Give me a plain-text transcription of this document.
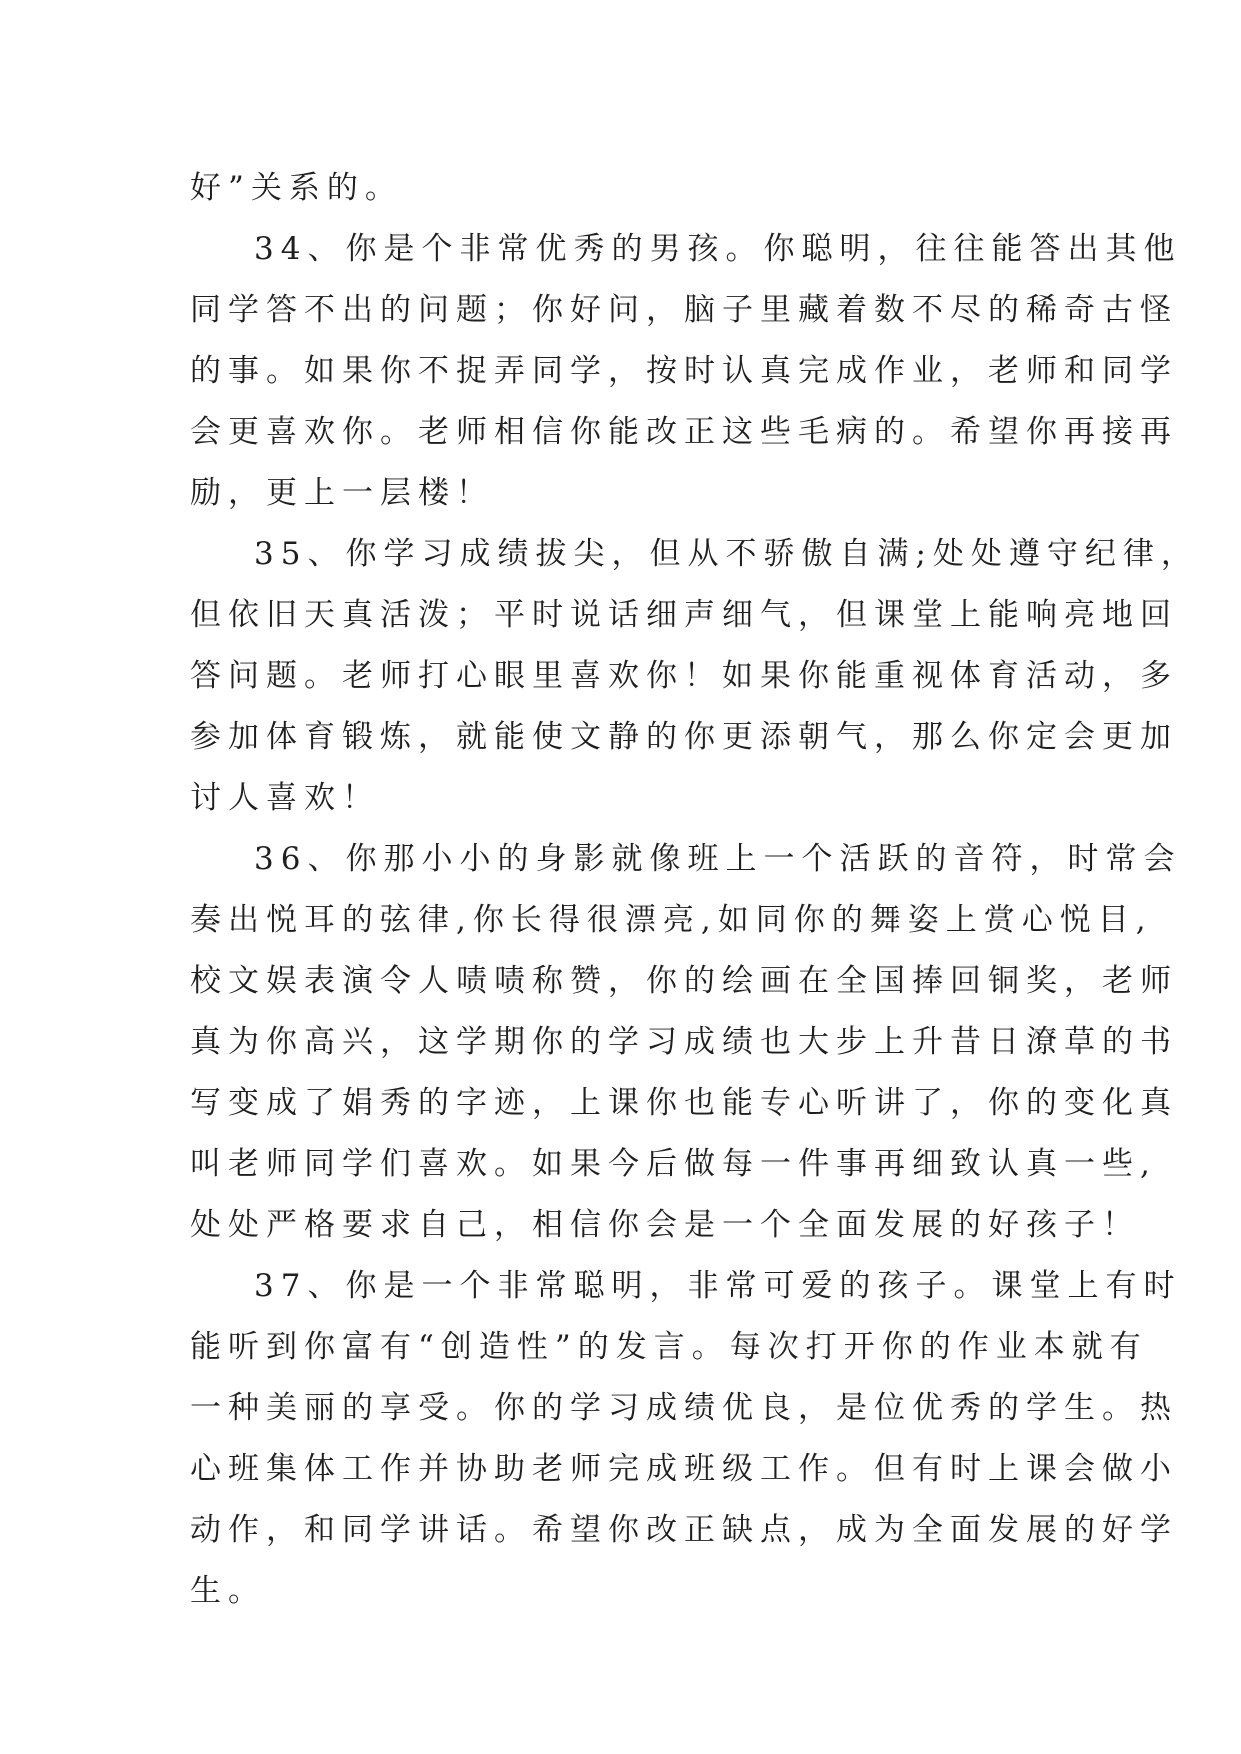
好”关系的。
34、你是个非常优秀的男孩。你聪明，往往能答出其他
同学答不出的问题；你好问，脑子里藏着数不尽的稀奇古怪
的事。如果你不捉弄同学，按时认真完成作业，老师和同学
会更喜欢你。老师相信你能改正这些毛病的。希望你再接再
励，更上一层楼！
35、你学习成绩拔尖，但从不骄傲自满;处处遵守纪律，
但依旧天真活泼；平时说话细声细气，但课堂上能响亮地回
答问题。老师打心眼里喜欢你！如果你能重视体育活动，多
参加体育锻炼，就能使文静的你更添朝气，那么你定会更加
讨人喜欢！
36、你那小小的身影就像班上一个活跃的音符，时常会
奏出悦耳的弦律,你长得很漂亮,如同你的舞姿上赏心悦目,
校文娱表演令人啧啧称赞，你的绘画在全国捧回铜奖，老师
真为你高兴，这学期你的学习成绩也大步上升昔日潦草的书
写变成了娟秀的字迹，上课你也能专心听讲了，你的变化真
叫老师同学们喜欢。如果今后做每一件事再细致认真一些,
处处严格要求自己，相信你会是一个全面发展的好孩子！
37、你是一个非常聪明，非常可爱的孩子。课堂上有时
能听到你富有“创造性”的发言。每次打开你的作业本就有
一种美丽的享受。你的学习成绩优良，是位优秀的学生。热
心班集体工作并协助老师完成班级工作。但有时上课会做小
动作，和同学讲话。希望你改正缺点，成为全面发展的好学
生。
